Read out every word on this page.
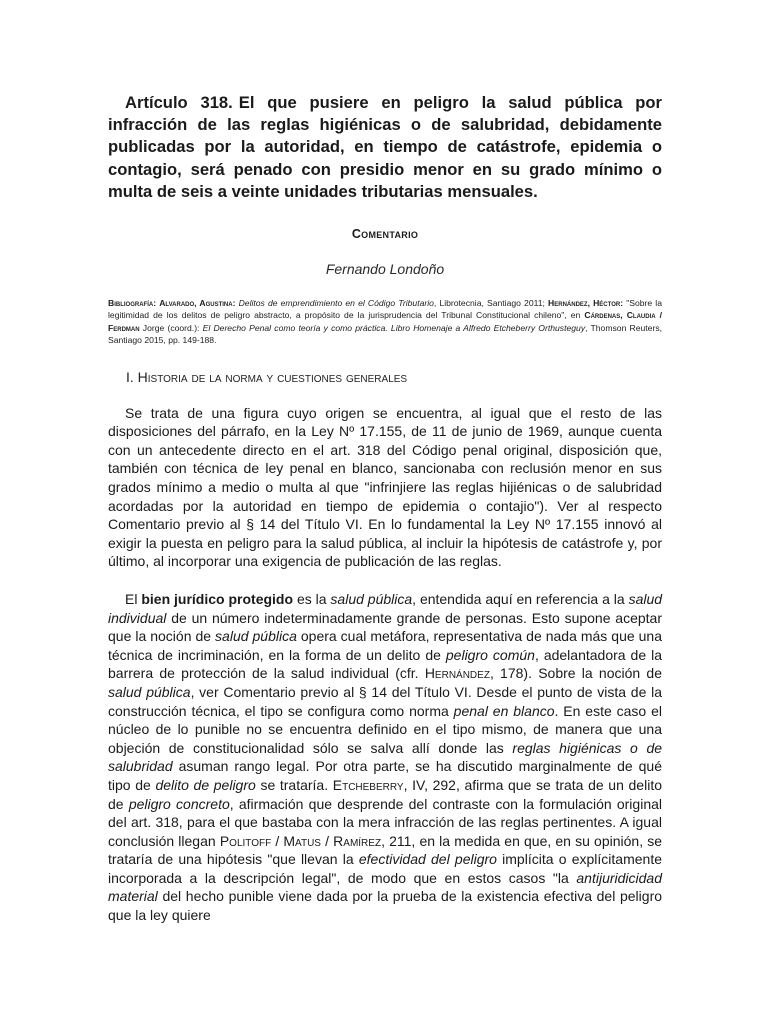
Artículo 318. El que pusiere en peligro la salud pública por infracción de las reglas higiénicas o de salubridad, debidamente publicadas por la autoridad, en tiempo de catástrofe, epidemia o contagio, será penado con presidio menor en su grado mínimo o multa de seis a veinte unidades tributarias mensuales.

Comentario

Fernando Londoño

Bibliografía: Alvarado, Agustina: Delitos de emprendimiento en el Código Tributario, Librotecnia, Santiago 2011; Hernández, Héctor: "Sobre la legitimidad de los delitos de peligro abstracto, a propósito de la jurisprudencia del Tribunal Constitucional chileno", en Cárdenas, Claudia / Ferdman Jorge (coord.): El Derecho Penal como teoría y como práctica. Libro Homenaje a Alfredo Etcheberry Orthusteguy, Thomson Reuters, Santiago 2015, pp. 149-188.

I. Historia de la norma y cuestiones generales

Se trata de una figura cuyo origen se encuentra, al igual que el resto de las disposiciones del párrafo, en la Ley Nº 17.155, de 11 de junio de 1969, aunque cuenta con un antecedente directo en el art. 318 del Código penal original, disposición que, también con técnica de ley penal en blanco, sancionaba con reclusión menor en sus grados mínimo a medio o multa al que "infrinjiere las reglas hijiénicas o de salubridad acordadas por la autoridad en tiempo de epidemia o contajio"). Ver al respecto Comentario previo al § 14 del Título VI. En lo fundamental la Ley Nº 17.155 innovó al exigir la puesta en peligro para la salud pública, al incluir la hipótesis de catástrofe y, por último, al incorporar una exigencia de publicación de las reglas.

El bien jurídico protegido es la salud pública, entendida aquí en referencia a la salud individual de un número indeterminadamente grande de personas. Esto supone aceptar que la noción de salud pública opera cual metáfora, representativa de nada más que una técnica de incriminación, en la forma de un delito de peligro común, adelantadora de la barrera de protección de la salud individual (cfr. Hernández, 178). Sobre la noción de salud pública, ver Comentario previo al § 14 del Título VI. Desde el punto de vista de la construcción técnica, el tipo se configura como norma penal en blanco. En este caso el núcleo de lo punible no se encuentra definido en el tipo mismo, de manera que una objeción de constitucionalidad sólo se salva allí donde las reglas higiénicas o de salubridad asuman rango legal. Por otra parte, se ha discutido marginalmente de qué tipo de delito de peligro se trataría. Etcheberry, IV, 292, afirma que se trata de un delito de peligro concreto, afirmación que desprende del contraste con la formulación original del art. 318, para el que bastaba con la mera infracción de las reglas pertinentes. A igual conclusión llegan Politoff / Matus / Ramírez, 211, en la medida en que, en su opinión, se trataría de una hipótesis "que llevan la efectividad del peligro implícita o explícitamente incorporada a la descripción legal", de modo que en estos casos "la antijuridicidad material del hecho punible viene dada por la prueba de la existencia efectiva del peligro que la ley quiere
